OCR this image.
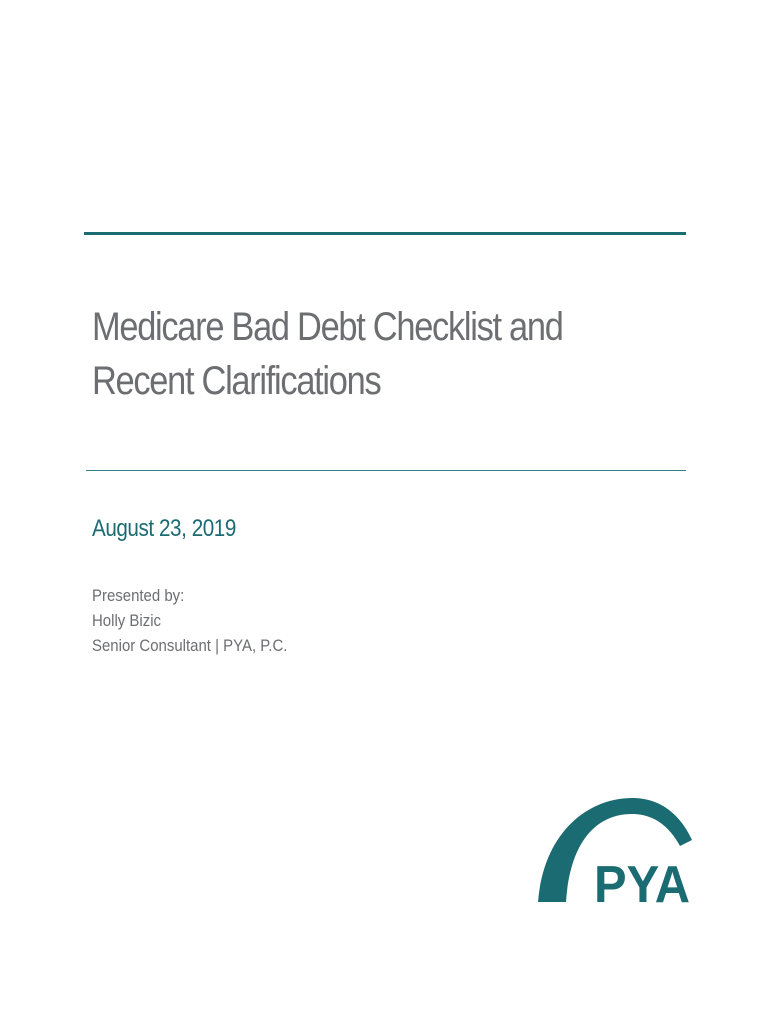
Medicare Bad Debt Checklist and
Recent Clarifications
August 23, 2019
Presented by:
Holly Bizic
Senior Consultant | PYA, P.C.
PYA
